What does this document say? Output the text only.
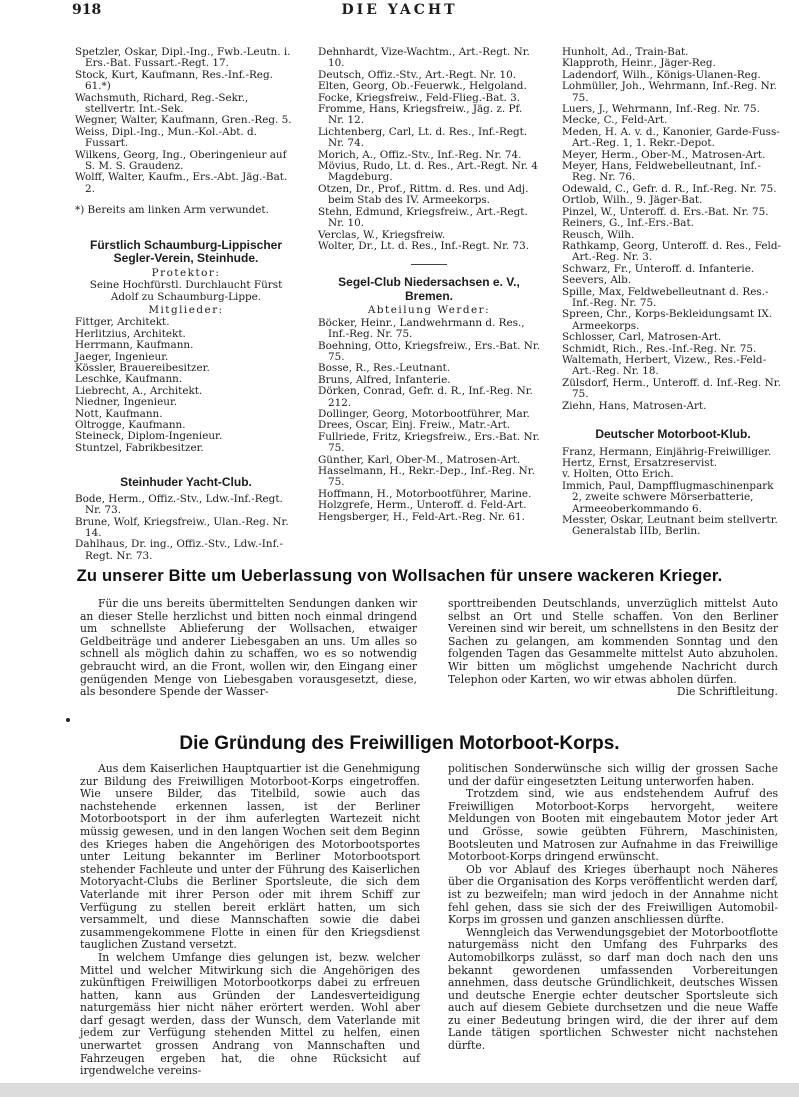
918	DIE YACHT

Spetzler, Oskar, Dipl.-Ing., Fwb.-Leutn. i. Ers.-Bat. Fussart.-Regt. 17.

Stock, Kurt, Kaufmann, Res.-Inf.-Reg. 61.*)

Wachsmuth, Richard, Reg.-Sekr., stellvertr. Int.-Sek.

Wegner, Walter, Kaufmann, Gren.-Reg. 5.

Weiss, Dipl.-Ing., Mun.-Kol.-Abt. d. Fussart.

Wilkens, Georg, Ing., Oberingenieur auf S. M. S. Graudenz.

Wolff, Walter, Kaufm., Ers.-Abt. Jäg.-Bat. 2.

*) Bereits am linken Arm verwundet.

Fürstlich Schaumburg-Lippischer Segler-Verein, Steinhude.

Protektor:

Seine Hochfürstl. Durchlaucht Fürst Adolf zu Schaumburg-Lippe.

Mitglieder:

Fittger, Architekt.

Herlitzius, Architekt.

Herrmann, Kaufmann.

Jaeger, Ingenieur.

Kössler, Brauereibesitzer.

Leschke, Kaufmann.

Liebrecht, A., Architekt.

Niedner, Ingenieur.

Nott, Kaufmann.

Oltrogge, Kaufmann.

Steineck, Diplom-Ingenieur.

Stuntzel, Fabrikbesitzer.

Steinhuder Yacht-Club.

Bode, Herm., Offiz.-Stv., Ldw.-Inf.-Regt. Nr. 73.

Brune, Wolf, Kriegsfreiw., Ulan.-Reg. Nr. 14.

Dahlhaus, Dr. ing., Offiz.-Stv., Ldw.-Inf.-Regt. Nr. 73.

Dehnhardt, Vize-Wachtm., Art.-Regt. Nr. 10.

Deutsch, Offiz.-Stv., Art.-Regt. Nr. 10.

Elten, Georg, Ob.-Feuerwk., Helgoland.

Focke, Kriegsfreiw., Feld-Flieg.-Bat. 3.

Fromme, Hans, Kriegsfreiw., Jäg. z. Pf. Nr. 12.

Lichtenberg, Carl, Lt. d. Res., Inf.-Regt. Nr. 74.

Morich, A., Offiz.-Stv., Inf.-Reg. Nr. 74.

Mövius, Rudo, Lt. d. Res., Art.-Regt. Nr. 4 Magdeburg.

Otzen, Dr., Prof., Rittm. d. Res. und Adj. beim Stab des IV. Armeekorps.

Stehn, Edmund, Kriegsfreiw., Art.-Regt. Nr. 10.

Verclas, W., Kriegsfreiw.

Wolter, Dr., Lt. d. Res., Inf.-Regt. Nr. 73.

Segel-Club Niedersachsen e. V., Bremen.

Abteilung Werder:

Böcker, Heinr., Landwehrmann d. Res., Inf.-Reg. Nr. 75.

Boehning, Otto, Kriegsfreiw., Ers.-Bat. Nr. 75.

Bosse, R., Res.-Leutnant.

Bruns, Alfred, Infanterie.

Dörken, Conrad, Gefr. d. R., Inf.-Reg. Nr. 212.

Dollinger, Georg, Motorbootführer, Mar.

Drees, Oscar, Einj. Freiw., Matr.-Art.

Fullriede, Fritz, Kriegsfreiw., Ers.-Bat. Nr. 75.

Günther, Karl, Ober-M., Matrosen-Art.

Hasselmann, H., Rekr.-Dep., Inf.-Reg. Nr. 75.

Hoffmann, H., Motorbootführer, Marine.

Holzgrefe, Herm., Unteroff. d. Feld-Art.

Hengsberger, H., Feld-Art.-Reg. Nr. 61.

Hunholt, Ad., Train-Bat.

Klapproth, Heinr., Jäger-Reg.

Ladendorf, Wilh., Königs-Ulanen-Reg.

Lohmüller, Joh., Wehrmann, Inf.-Reg. Nr. 75.

Luers, J., Wehrmann, Inf.-Reg. Nr. 75.

Mecke, C., Feld-Art.

Meden, H. A. v. d., Kanonier, Garde-Fuss-Art.-Reg. 1, 1. Rekr.-Depot.

Meyer, Herm., Ober-M., Matrosen-Art.

Meyer, Hans, Feldwebelleutnant, Inf.-Reg. Nr. 76.

Odewald, C., Gefr. d. R., Inf.-Reg. Nr. 75.

Ortlob, Wilh., 9. Jäger-Bat.

Pinzel, W., Unteroff. d. Ers.-Bat. Nr. 75.

Reiners, G., Inf.-Ers.-Bat.

Reusch, Wilh.

Rathkamp, Georg, Unteroff. d. Res., Feld-Art.-Reg. Nr. 3.

Schwarz, Fr., Unteroff. d. Infanterie.

Seevers, Alb.

Spille, Max, Feldwebelleutnant d. Res.-Inf.-Reg. Nr. 75.

Spreen, Chr., Korps-Bekleidungsamt IX. Armeekorps.

Schlosser, Carl, Matrosen-Art.

Schmidt, Rich., Res.-Inf.-Reg. Nr. 75.

Waltemath, Herbert, Vizew., Res.-Feld-Art.-Reg. Nr. 18.

Zülsdorf, Herm., Unteroff. d. Inf.-Reg. Nr. 75.

Ziehn, Hans, Matrosen-Art.

Deutscher Motorboot-Klub.

Franz, Hermann, Einjährig-Freiwilliger.

Hertz, Ernst, Ersatzreservist.

v. Holten, Otto Erich.

Immich, Paul, Dampfflugmaschinenpark 2, zweite schwere Mörserbatterie, Armeeoberkommando 6.

Messter, Oskar, Leutnant beim stellvertr. Generalstab IIIb, Berlin.

Zu unserer Bitte um Ueberlassung von Wollsachen für unsere wackeren Krieger.

Für die uns bereits übermittelten Sendungen danken wir an dieser Stelle herzlichst und bitten noch einmal dringend um schnellste Ablieferung der Wollsachen, etwaiger Geldbeiträge und anderer Liebesgaben an uns. Um alles so schnell als möglich dahin zu schaffen, wo es so notwendig gebraucht wird, an die Front, wollen wir, den Eingang einer genügenden Menge von Liebesgaben vorausgesetzt, diese, als besondere Spende der Wasser-

sporttreibenden Deutschlands, unverzüglich mittelst Auto selbst an Ort und Stelle schaffen. Von den Berliner Vereinen sind wir bereit, um schnellstens in den Besitz der Sachen zu gelangen, am kommenden Sonntag und den folgenden Tagen das Gesammelte mittelst Auto abzuholen. Wir bitten um möglichst umgehende Nachricht durch Telephon oder Karten, wo wir etwas abholen dürfen.

Die Schriftleitung.

Die Gründung des Freiwilligen Motorboot-Korps.

Aus dem Kaiserlichen Hauptquartier ist die Genehmigung zur Bildung des Freiwilligen Motorboot-Korps eingetroffen. Wie unsere Bilder, das Titelbild, sowie auch das nachstehende erkennen lassen, ist der Berliner Motorbootsport in der ihm auferlegten Wartezeit nicht müssig gewesen, und in den langen Wochen seit dem Beginn des Krieges haben die Angehörigen des Motorbootsportes unter Leitung bekannter im Berliner Motorbootsport stehender Fachleute und unter der Führung des Kaiserlichen Motoryacht-Clubs die Berliner Sportsleute, die sich dem Vaterlande mit ihrer Person oder mit ihrem Schiff zur Verfügung zu stellen bereit erklärt hatten, um sich versammelt, und diese Mannschaften sowie die dabei zusammengekommene Flotte in einen für den Kriegsdienst tauglichen Zustand versetzt.

In welchem Umfange dies gelungen ist, bezw. welcher Mittel und welcher Mitwirkung sich die Angehörigen des zukünftigen Freiwilligen Motorbootkorps dabei zu erfreuen hatten, kann aus Gründen der Landesverteidigung naturgemäss hier nicht näher erörtert werden. Wohl aber darf gesagt werden, dass der Wunsch, dem Vaterlande mit jedem zur Verfügung stehenden Mittel zu helfen, einen unerwartet grossen Andrang von Mannschaften und Fahrzeugen ergeben hat, die ohne Rücksicht auf irgendwelche vereins-

politischen Sonderwünsche sich willig der grossen Sache und der dafür eingesetzten Leitung unterworfen haben.

Trotzdem sind, wie aus endstehendem Aufruf des Freiwilligen Motorboot-Korps hervorgeht, weitere Meldungen von Booten mit eingebautem Motor jeder Art und Grösse, sowie geübten Führern, Maschinisten, Bootsleuten und Matrosen zur Aufnahme in das Freiwillige Motorboot-Korps dringend erwünscht.

Ob vor Ablauf des Krieges überhaupt noch Näheres über die Organisation des Korps veröffentlicht werden darf, ist zu bezweifeln; man wird jedoch in der Annahme nicht fehl gehen, dass sie sich der des Freiwilligen Automobil-Korps im grossen und ganzen anschliessen dürfte.

Wenngleich das Verwendungsgebiet der Motorbootflotte naturgemäss nicht den Umfang des Fuhrparks des Automobilkorps zulässt, so darf man doch nach den uns bekannt gewordenen umfassenden Vorbereitungen annehmen, dass deutsche Gründlichkeit, deutsches Wissen und deutsche Energie echter deutscher Sportsleute sich auch auf diesem Gebiete durchsetzen und die neue Waffe zu einer Bedeutung bringen wird, die der ihrer auf dem Lande tätigen sportlichen Schwester nicht nachstehen dürfte.
